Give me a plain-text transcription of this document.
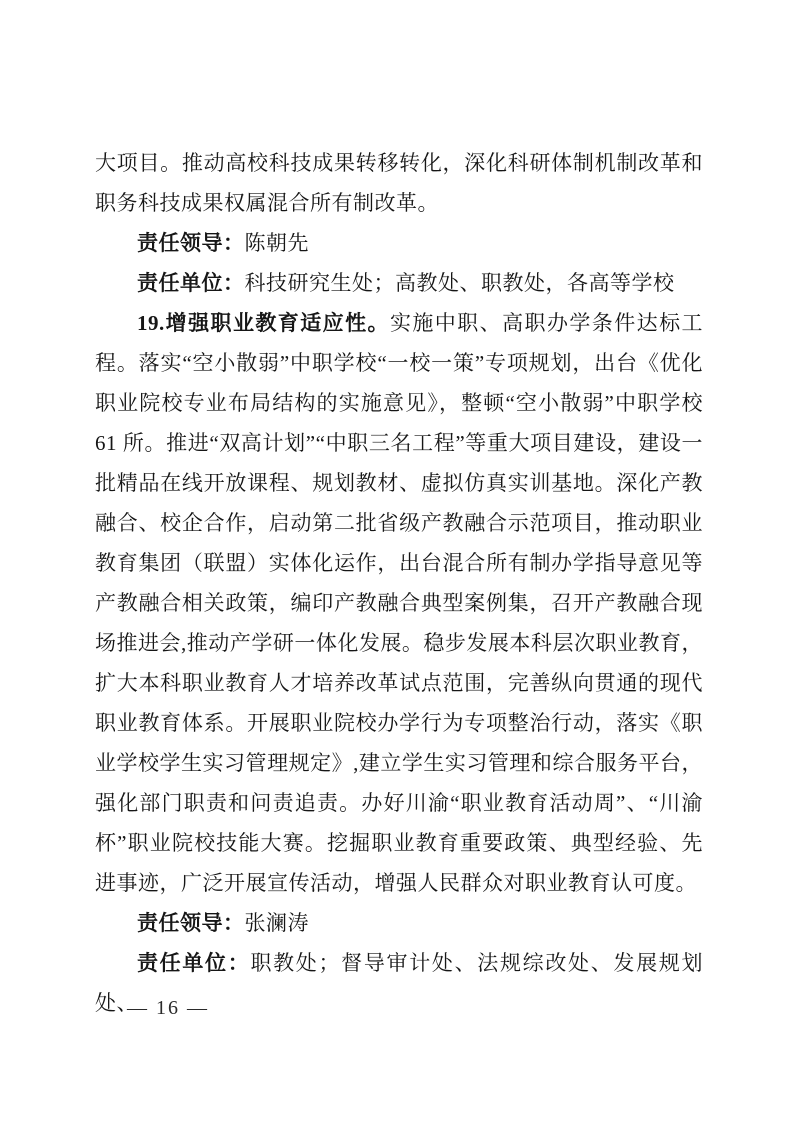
大项目。推动高校科技成果转移转化，深化科研体制机制改革和职务科技成果权属混合所有制改革。

责任领导：陈朝先

责任单位：科技研究生处；高教处、职教处，各高等学校

19.增强职业教育适应性。实施中职、高职办学条件达标工程。落实“空小散弱”中职学校“一校一策”专项规划，出台《优化职业院校专业布局结构的实施意见》，整顿“空小散弱”中职学校61 所。推进“双高计划”“中职三名工程”等重大项目建设，建设一批精品在线开放课程、规划教材、虚拟仿真实训基地。深化产教融合、校企合作，启动第二批省级产教融合示范项目，推动职业教育集团（联盟）实体化运作，出台混合所有制办学指导意见等产教融合相关政策，编印产教融合典型案例集，召开产教融合现场推进会,推动产学研一体化发展。稳步发展本科层次职业教育，扩大本科职业教育人才培养改革试点范围，完善纵向贯通的现代职业教育体系。开展职业院校办学行为专项整治行动，落实《职业学校学生实习管理规定》,建立学生实习管理和综合服务平台，强化部门职责和问责追责。办好川渝“职业教育活动周”、“川渝杯”职业院校技能大赛。挖掘职业教育重要政策、典型经验、先进事迹，广泛开展宣传活动，增强人民群众对职业教育认可度。

责任领导：张澜涛

责任单位：职教处；督导审计处、法规综改处、发展规划处、

— 16 —
